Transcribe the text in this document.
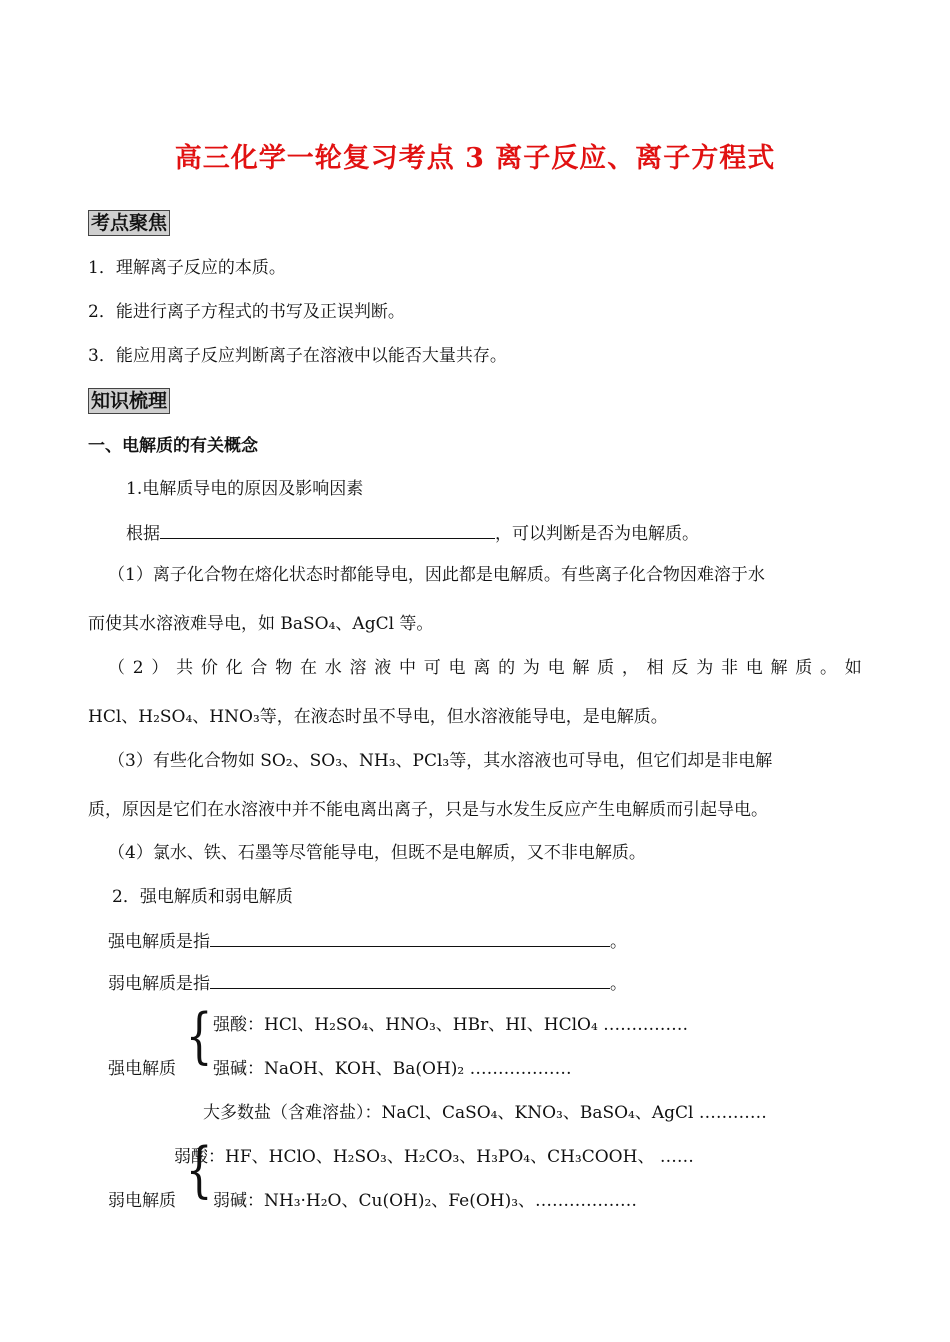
高三化学一轮复习考点 3 离子反应、离子方程式
考点聚焦
1．理解离子反应的本质。
2．能进行离子方程式的书写及正误判断。
3．能应用离子反应判断离子在溶液中以能否大量共存。
知识梳理
一、电解质的有关概念
1.电解质导电的原因及影响因素
根据	，可以判断是否为电解质。
（1）离子化合物在熔化状态时都能导电，因此都是电解质。有些离子化合物因难溶于水
而使其水溶液难导电，如 BaSO₄、AgCl 等。
（ 2 ） 共 价 化 合 物 在 水 溶 液 中 可 电 离 的 为 电 解 质 ， 相 反 为 非 电 解 质 。 如
HCl、H₂SO₄、HNO₃等，在液态时虽不导电，但水溶液能导电，是电解质。
（3）有些化合物如 SO₂、SO₃、NH₃、PCl₃等，其水溶液也可导电，但它们却是非电解
质，原因是它们在水溶液中并不能电离出离子，只是与水发生反应产生电解质而引起导电。
（4）氯水、铁、石墨等尽管能导电，但既不是电解质，又不非电解质。
2．强电解质和弱电解质
强电解质是指	。
弱电解质是指	。
{ 强酸：HCl、H₂SO₄、HNO₃、HBr、HI、HClO₄ ……………
强电解质 强碱：NaOH、KOH、Ba(OH)₂ ………………
大多数盐（含难溶盐）：NaCl、CaSO₄、KNO₃、BaSO₄、AgCl …………
{
弱酸：HF、HClO、H₂SO₃、H₂CO₃、H₃PO₄、CH₃COOH、 ……
弱电解质 弱碱：NH₃·H₂O、Cu(OH)₂、Fe(OH)₃、………………
